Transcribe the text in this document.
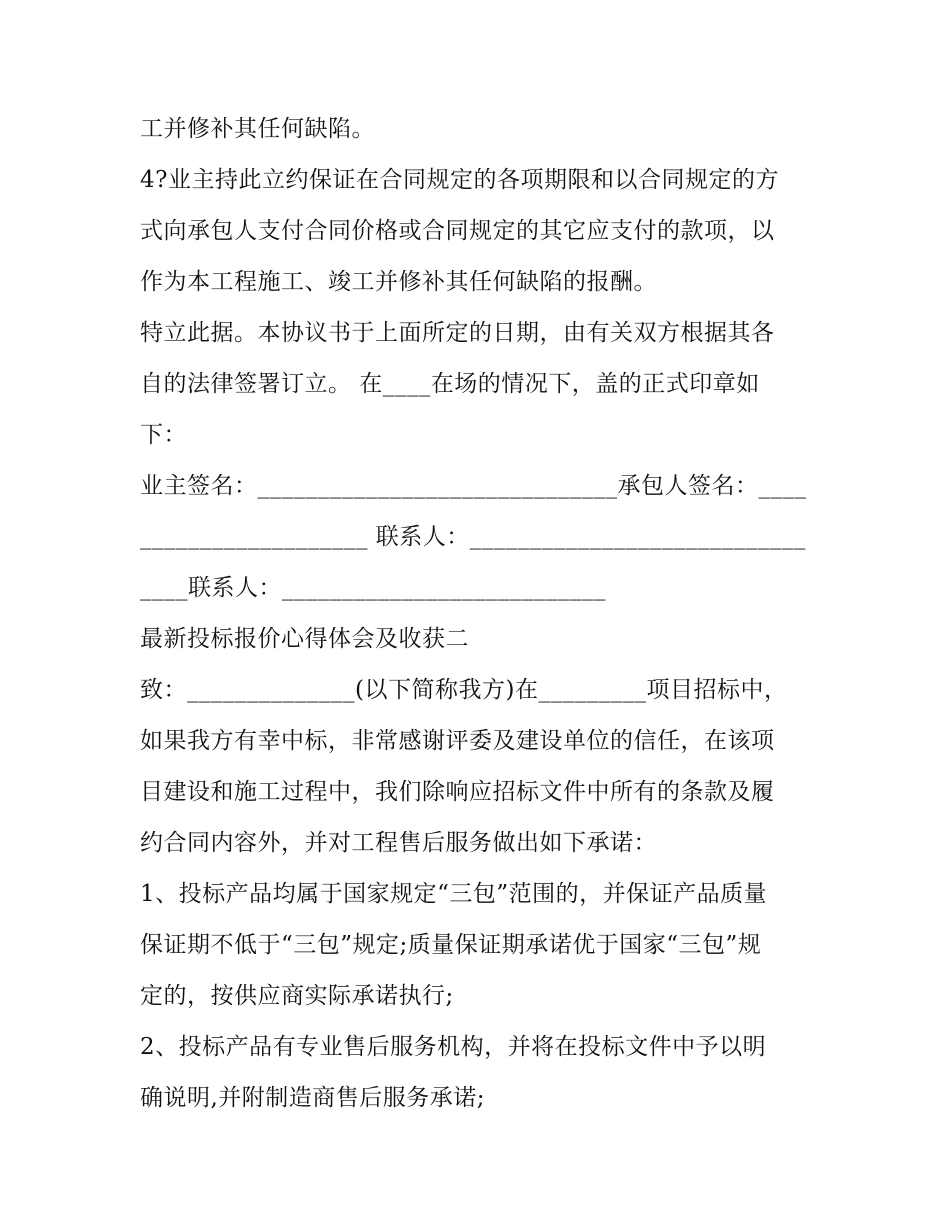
工并修补其任何缺陷。
4?业主持此立约保证在合同规定的各项期限和以合同规定的方
式向承包人支付合同价格或合同规定的其它应支付的款项，以
作为本工程施工、竣工并修补其任何缺陷的报酬。
特立此据。本协议书于上面所定的日期，由有关双方根据其各
自的法律签署订立。 在____在场的情况下，盖的正式印章如
下：
业主签名：______________________________承包人签名：____
___________________ 联系人：____________________________
____联系人：___________________________
最新投标报价心得体会及收获二
致：______________(以下简称我方)在_________项目招标中，
如果我方有幸中标，非常感谢评委及建设单位的信任，在该项
目建设和施工过程中，我们除响应招标文件中所有的条款及履
约合同内容外，并对工程售后服务做出如下承诺：
1、投标产品均属于国家规定“三包”范围的，并保证产品质量
保证期不低于“三包”规定;质量保证期承诺优于国家“三包”规
定的，按供应商实际承诺执行;
2、投标产品有专业售后服务机构，并将在投标文件中予以明
确说明,并附制造商售后服务承诺;
